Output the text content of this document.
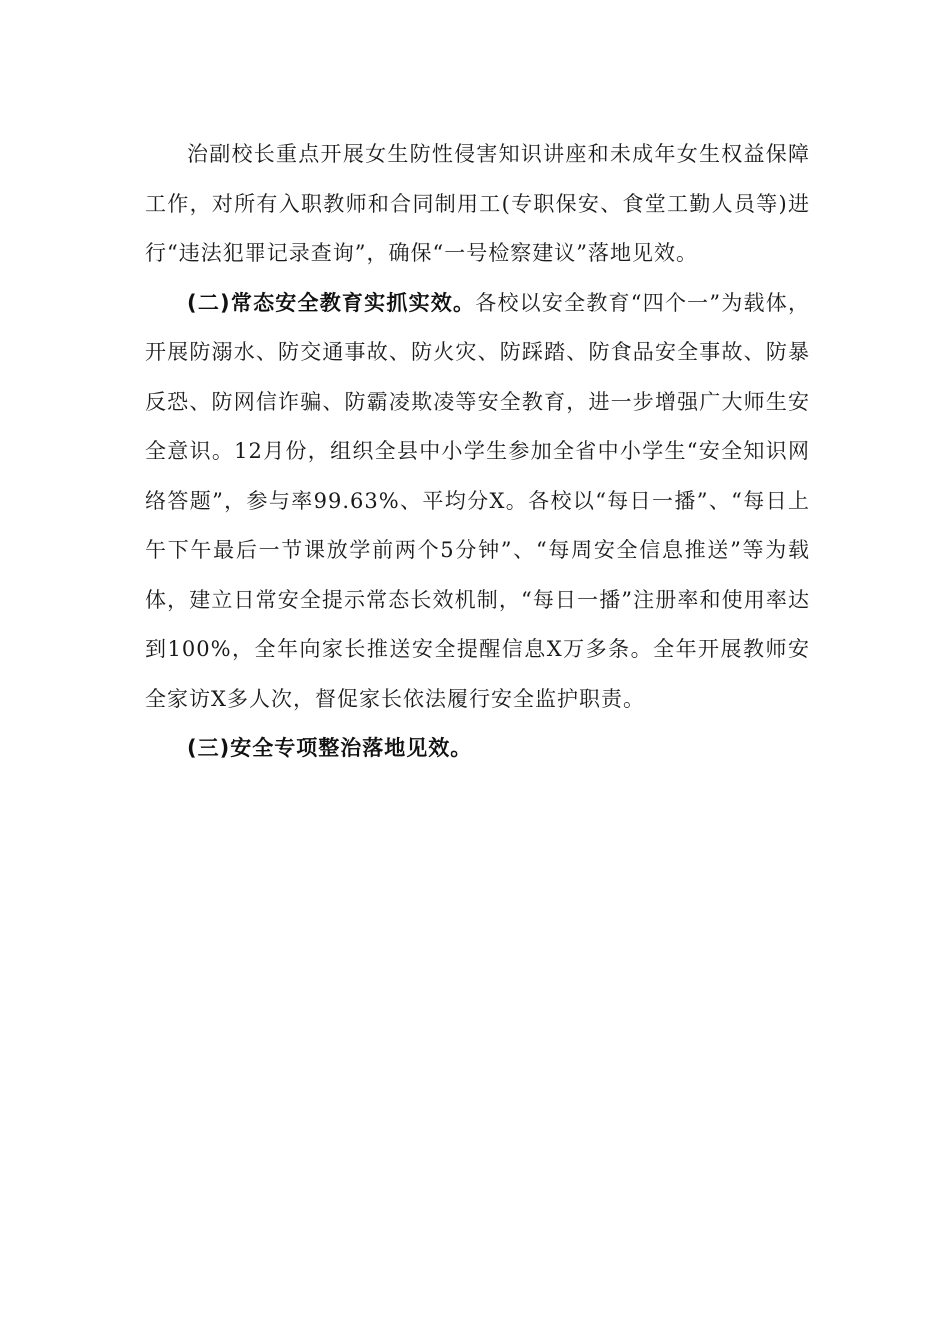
治副校长重点开展女生防性侵害知识讲座和未成年女生权益保障工作，对所有入职教师和合同制用工(专职保安、食堂工勤人员等)进行“违法犯罪记录查询”，确保“一号检察建议”落地见效。

(二)常态安全教育实抓实效。各校以安全教育“四个一”为载体，开展防溺水、防交通事故、防火灾、防踩踏、防食品安全事故、防暴反恐、防网信诈骗、防霸凌欺凌等安全教育，进一步增强广大师生安全意识。12月份，组织全县中小学生参加全省中小学生“安全知识网络答题”，参与率99.63%、平均分X。各校以“每日一播”、“每日上午下午最后一节课放学前两个5分钟”、“每周安全信息推送”等为载体，建立日常安全提示常态长效机制，“每日一播”注册率和使用率达到100%，全年向家长推送安全提醒信息X万多条。全年开展教师安全家访X多人次，督促家长依法履行安全监护职责。

(三)安全专项整治落地见效。
